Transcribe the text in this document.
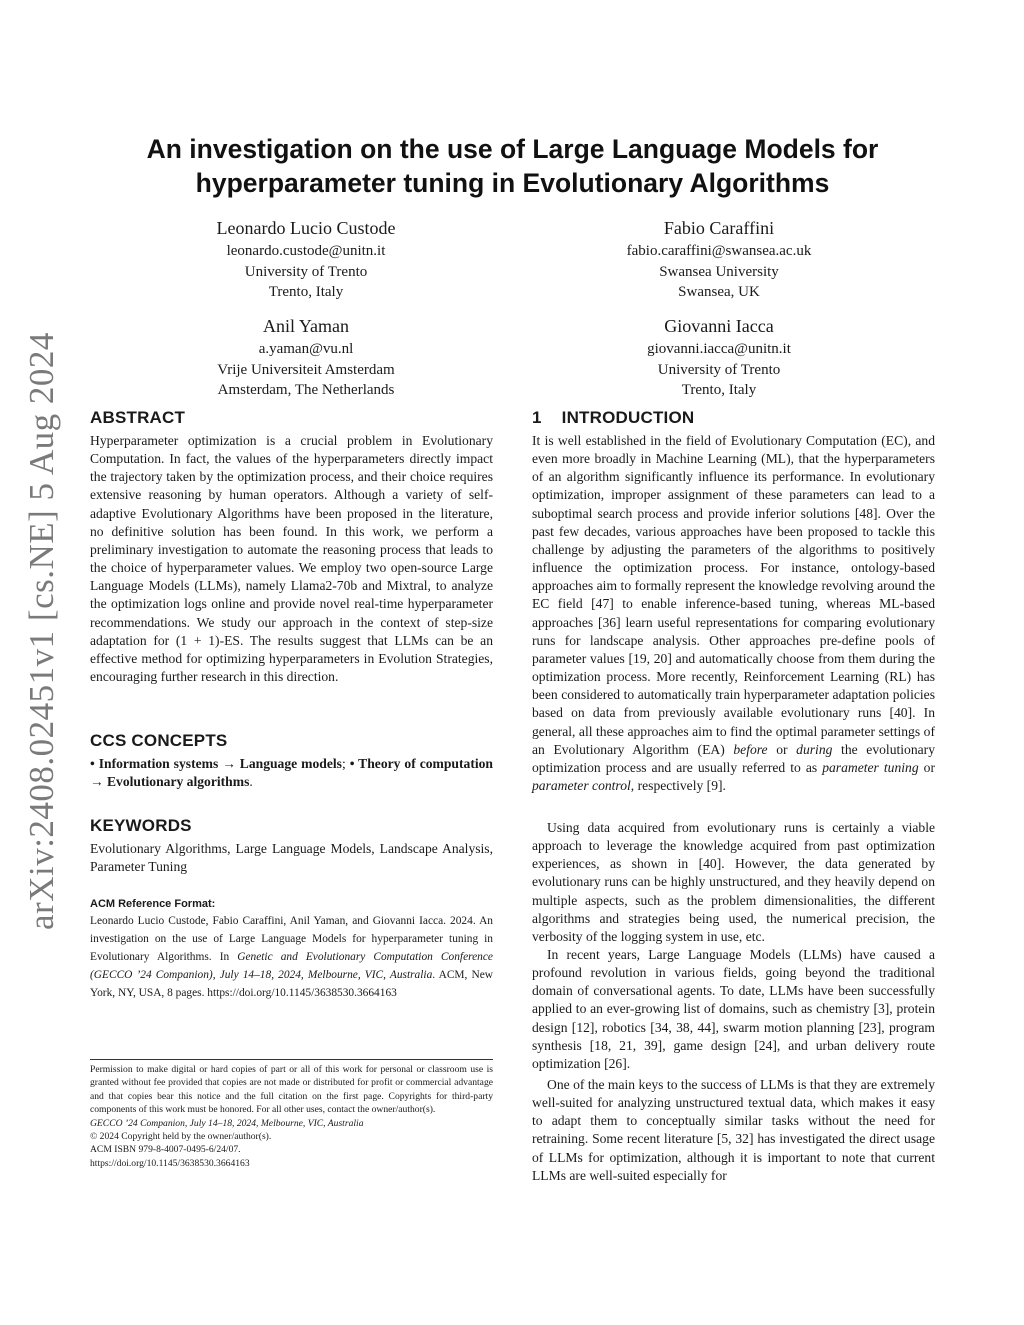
arXiv:2408.02451v1 [cs.NE] 5 Aug 2024
An investigation on the use of Large Language Models for
hyperparameter tuning in Evolutionary Algorithms
Leonardo Lucio Custode
leonardo.custode@unitn.it
University of Trento
Trento, Italy
Fabio Caraffini
fabio.caraffini@swansea.ac.uk
Swansea University
Swansea, UK
Anil Yaman
a.yaman@vu.nl
Vrije Universiteit Amsterdam
Amsterdam, The Netherlands
Giovanni Iacca
giovanni.iacca@unitn.it
University of Trento
Trento, Italy
ABSTRACT

Hyperparameter optimization is a crucial problem in Evolutionary Computation. In fact, the values of the hyperparameters directly impact the trajectory taken by the optimization process, and their choice requires extensive reasoning by human operators. Although a variety of self-adaptive Evolutionary Algorithms have been proposed in the literature, no definitive solution has been found. In this work, we perform a preliminary investigation to automate the reasoning process that leads to the choice of hyperparameter values. We employ two open-source Large Language Models (LLMs), namely Llama2-70b and Mixtral, to analyze the optimization logs online and provide novel real-time hyperparameter recommendations. We study our approach in the context of step-size adaptation for (1 + 1)-ES. The results suggest that LLMs can be an effective method for optimizing hyperparameters in Evolution Strategies, encouraging further research in this direction.

CCS CONCEPTS

• Information systems → Language models; • Theory of computation → Evolutionary algorithms.

KEYWORDS

Evolutionary Algorithms, Large Language Models, Landscape Analysis, Parameter Tuning

ACM Reference Format:

Leonardo Lucio Custode, Fabio Caraffini, Anil Yaman, and Giovanni Iacca. 2024. An investigation on the use of Large Language Models for hyperparameter tuning in Evolutionary Algorithms. In Genetic and Evolutionary Computation Conference (GECCO ’24 Companion), July 14–18, 2024, Melbourne, VIC, Australia. ACM, New York, NY, USA, 8 pages. https://doi.org/10.1145/3638530.3664163

Permission to make digital or hard copies of part or all of this work for personal or classroom use is granted without fee provided that copies are not made or distributed for profit or commercial advantage and that copies bear this notice and the full citation on the first page. Copyrights for third-party components of this work must be honored. For all other uses, contact the owner/author(s).
GECCO ’24 Companion, July 14–18, 2024, Melbourne, VIC, Australia
© 2024 Copyright held by the owner/author(s).
ACM ISBN 979-8-4007-0495-6/24/07.
https://doi.org/10.1145/3638530.3664163
1 INTRODUCTION

It is well established in the field of Evolutionary Computation (EC), and even more broadly in Machine Learning (ML), that the hyperparameters of an algorithm significantly influence its performance. In evolutionary optimization, improper assignment of these parameters can lead to a suboptimal search process and provide inferior solutions [48]. Over the past few decades, various approaches have been proposed to tackle this challenge by adjusting the parameters of the algorithms to positively influence the optimization process. For instance, ontology-based approaches aim to formally represent the knowledge revolving around the EC field [47] to enable inference-based tuning, whereas ML-based approaches [36] learn useful representations for comparing evolutionary runs for landscape analysis. Other approaches pre-define pools of parameter values [19, 20] and automatically choose from them during the optimization process. More recently, Reinforcement Learning (RL) has been considered to automatically train hyperparameter adaptation policies based on data from previously available evolutionary runs [40]. In general, all these approaches aim to find the optimal parameter settings of an Evolutionary Algorithm (EA) before or during the evolutionary optimization process and are usually referred to as parameter tuning or parameter control, respectively [9].

Using data acquired from evolutionary runs is certainly a viable approach to leverage the knowledge acquired from past optimization experiences, as shown in [40]. However, the data generated by evolutionary runs can be highly unstructured, and they heavily depend on multiple aspects, such as the problem dimensionalities, the different algorithms and strategies being used, the numerical precision, the verbosity of the logging system in use, etc.

In recent years, Large Language Models (LLMs) have caused a profound revolution in various fields, going beyond the traditional domain of conversational agents. To date, LLMs have been successfully applied to an ever-growing list of domains, such as chemistry [3], protein design [12], robotics [34, 38, 44], swarm motion planning [23], program synthesis [18, 21, 39], game design [24], and urban delivery route optimization [26].

One of the main keys to the success of LLMs is that they are extremely well-suited for analyzing unstructured textual data, which makes it easy to adapt them to conceptually similar tasks without the need for retraining. Some recent literature [5, 32] has investigated the direct usage of LLMs for optimization, although it is important to note that current LLMs are well-suited especially for
